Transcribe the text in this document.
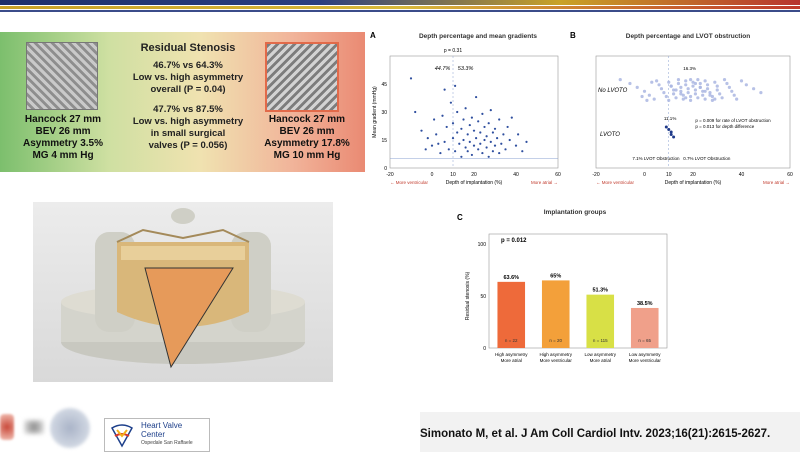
Hancock 27 mm
BEV 26 mm
Asymmetry 3.5%
MG 4 mm Hg
Residual Stenosis
46.7% vs 64.3%
Low vs. high asymmetry
overall (P = 0.04)
47.7% vs 87.5%
Low vs. high asymmetry
in small surgical
valves (P = 0.056)
Hancock 27 mm
BEV 26 mm
Asymmetry 17.8%
MG 10 mm Hg
A	Depth percentage and mean gradients
-20	0	10	20	40	60
0
15
30
45
Depth of implantation (%)
Mean gradient (mmHg)
p = 0.31
44.7% 53.3%
← More ventricular	More atrial →
B	Depth percentage and LVOT obstruction
No LVOTO
LVOTO
16.3%
11.1%	p = 0.009 for rate of LVOT obstruction
p = 0.013 for depth difference
7.1% LVOT Obstruction 0.7% LVOT Obstruction
-20	0	10	20	40	60
Depth of implantation (%)
← More ventricular	More atrial →
C
Implantation groups
p = 0.012
0
50
100
Residual stenosis (%)	63.6%
n = 22
High asymmetry
More atrial
65%
n = 20
High asymmetry
More ventricular
51.3%
n = 115
Low asymmetry
More atrial
38.5%
n = 65
Low asymmetry
More ventricular
Heart Valve
Center
Ospedale San Raffaele
Simonato M, et al. J Am Coll Cardiol Intv. 2023;16(21):2615-2627.
